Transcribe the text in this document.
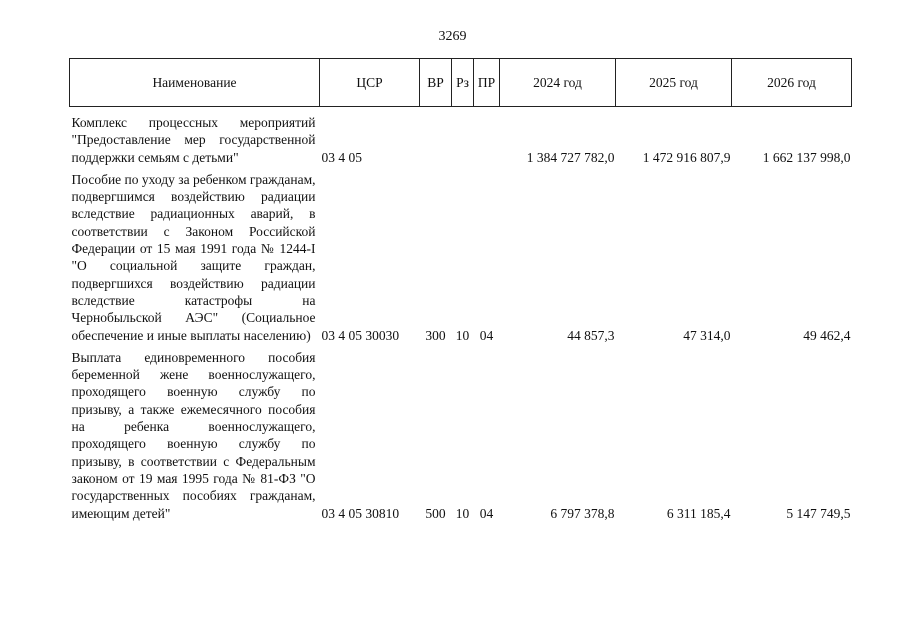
3269
Наименование	ЦСР	ВР	Рз	ПР	2024 год	2025 год	2026 год
Комплекс процессных мероприятий "Предоставление мер государственной поддержки семьям с детьми"	03 4 05				1 384 727 782,0	1 472 916 807,9	1 662 137 998,0
Пособие по уходу за ребенком гражданам, подвергшимся воздействию радиации вследствие радиационных аварий, в соответствии с Законом Российской Федерации от 15 мая 1991 года № 1244-I "О социальной защите граждан, подвергшихся воздействию радиации вследствие катастрофы на Чернобыльской АЭС" (Социальное обеспечение и иные выплаты населению)	03 4 05 30030	300	10	04	44 857,3	47 314,0	49 462,4
Выплата единовременного пособия беременной жене военнослужащего, проходящего военную службу по призыву, а также ежемесячного пособия на ребенка военнослужащего, проходящего военную службу по призыву, в соответствии с Федеральным законом от 19 мая 1995 года № 81-ФЗ "О государственных пособиях гражданам, имеющим детей"	03 4 05 30810	500	10	04	6 797 378,8	6 311 185,4	5 147 749,5
